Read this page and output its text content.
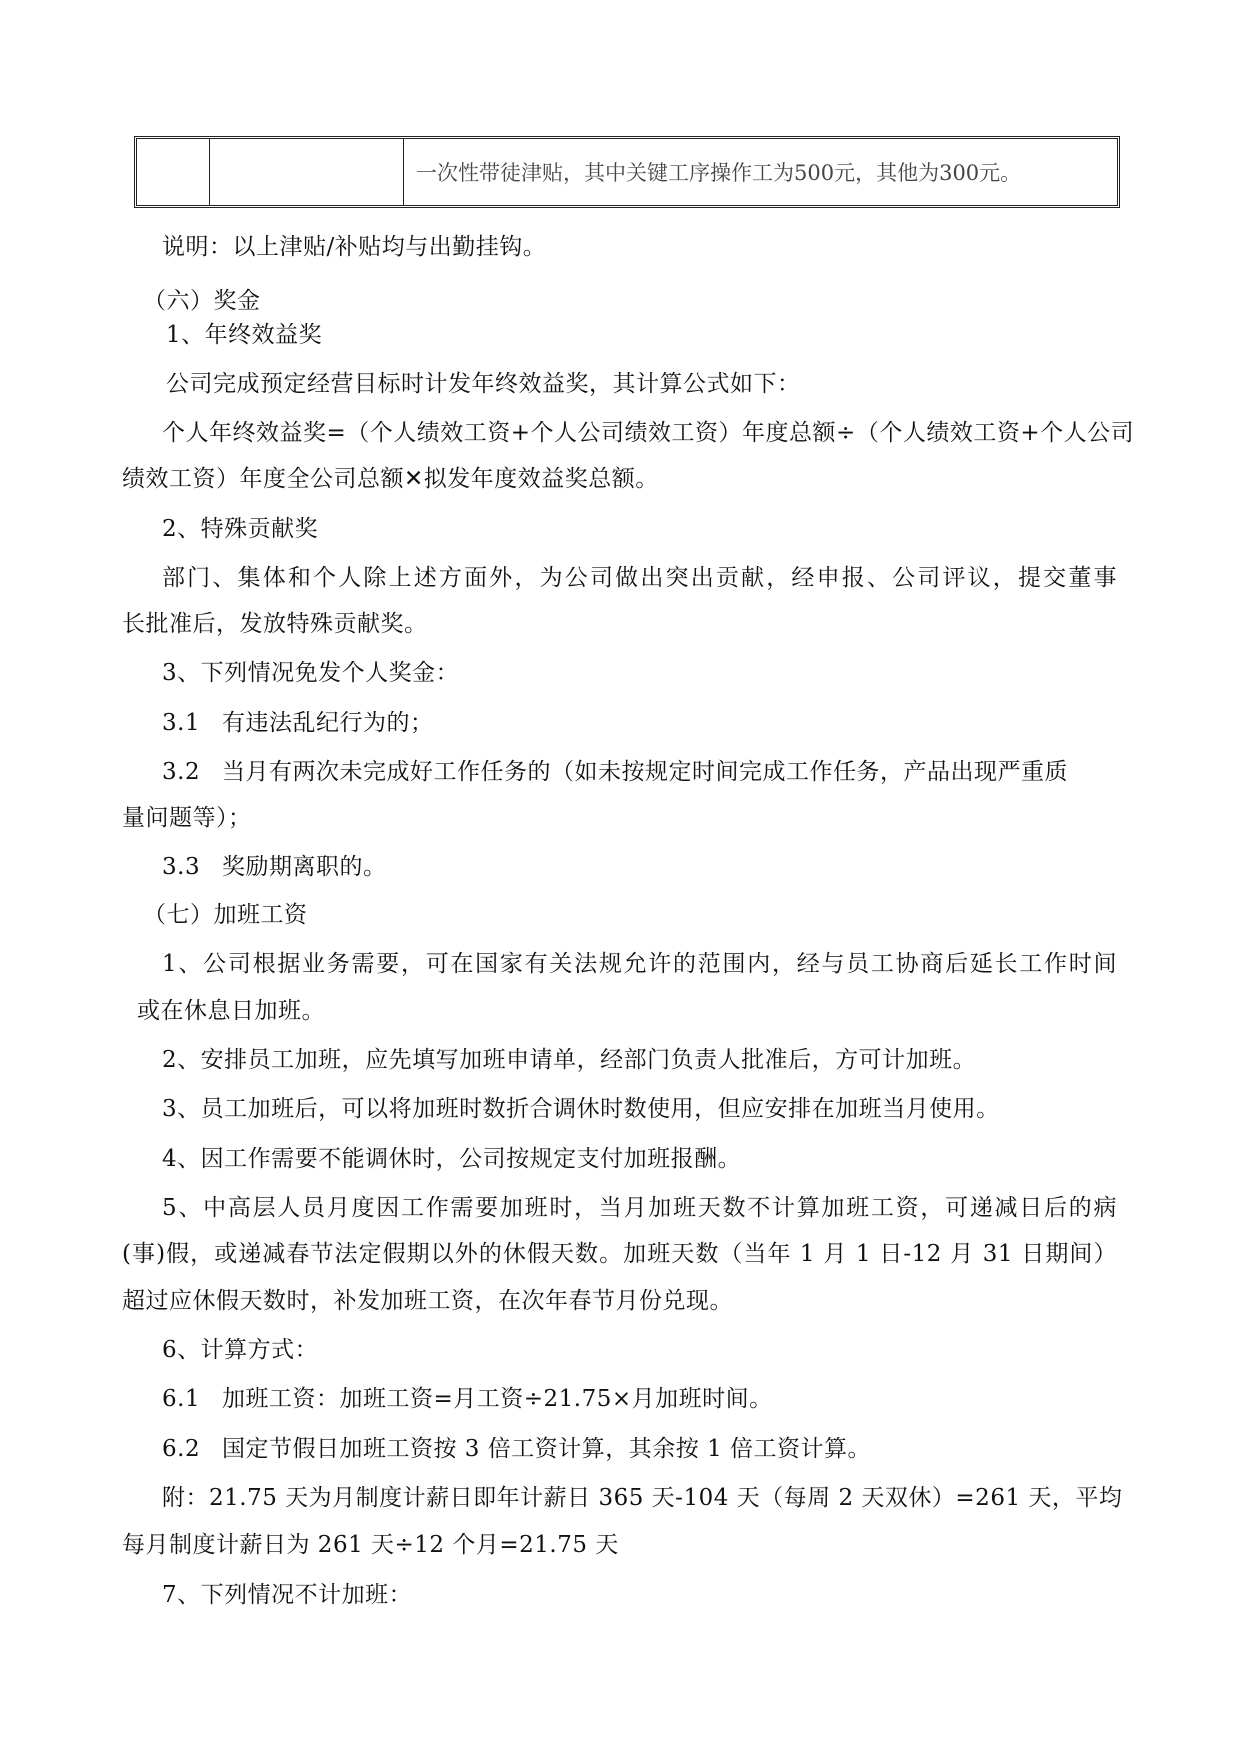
一次性带徒津贴，其中关键工序操作工为500元，其他为300元。
说明：以上津贴/补贴均与出勤挂钩。
（六）奖金
1、年终效益奖
公司完成预定经营目标时计发年终效益奖，其计算公式如下：
个人年终效益奖=（个人绩效工资+个人公司绩效工资）年度总额÷（个人绩效工资+个人公司
绩效工资）年度全公司总额✕拟发年度效益奖总额。
2、特殊贡献奖
部门、集体和个人除上述方面外，为公司做出突出贡献，经申报、公司评议，提交董事
长批准后，发放特殊贡献奖。
3、下列情况免发个人奖金：
3.1 有违法乱纪行为的；
3.2 当月有两次未完成好工作任务的（如未按规定时间完成工作任务，产品出现严重质
量问题等）；
3.3 奖励期离职的。
（七）加班工资
1、公司根据业务需要，可在国家有关法规允许的范围内，经与员工协商后延长工作时间
或在休息日加班。
2、安排员工加班，应先填写加班申请单，经部门负责人批准后，方可计加班。
3、员工加班后，可以将加班时数折合调休时数使用，但应安排在加班当月使用。
4、因工作需要不能调休时，公司按规定支付加班报酬。
5、中高层人员月度因工作需要加班时，当月加班天数不计算加班工资，可递减日后的病
(事)假，或递减春节法定假期以外的休假天数。加班天数（当年 1 月 1 日-12 月 31 日期间）
超过应休假天数时，补发加班工资，在次年春节月份兑现。
6、计算方式：
6.1 加班工资：加班工资=月工资÷21.75×月加班时间。
6.2 国定节假日加班工资按 3 倍工资计算，其余按 1 倍工资计算。
附：21.75 天为月制度计薪日即年计薪日 365 天-104 天（每周 2 天双休）=261 天，平均
每月制度计薪日为 261 天÷12 个月=21.75 天
7、下列情况不计加班：
